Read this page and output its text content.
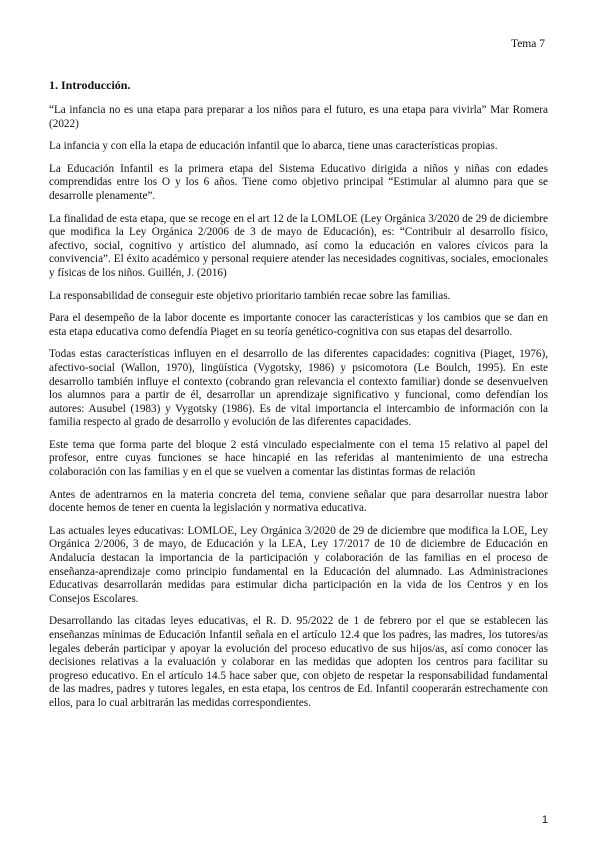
Tema 7
1. Introducción.

“La infancia no es una etapa para preparar a los niños para el futuro, es una etapa para vivirla” Mar Romera (2022)

La infancia y con ella la etapa de educación infantil que lo abarca, tiene unas características propias.

La Educación Infantil es la primera etapa del Sistema Educativo dirigida a niños y niñas con edades comprendidas entre los O y los 6 años. Tiene como objetivo principal “Estimular al alumno para que se desarrolle plenamente”.

La finalidad de esta etapa, que se recoge en el art 12 de la LOMLOE (Ley Orgánica 3/2020 de 29 de diciembre que modifica la Ley Orgánica 2/2006 de 3 de mayo de Educación), es: “Contribuir al desarrollo físico, afectivo, social, cognitivo y artístico del alumnado, así como la educación en valores cívicos para la convivencia”. El éxito académico y personal requiere atender las necesidades cognitivas, sociales, emocionales y físicas de los niños. Guillén, J. (2016)

La responsabilidad de conseguir este objetivo prioritario también recae sobre las familias.

Para el desempeño de la labor docente es importante conocer las características y los cambios que se dan en esta etapa educativa como defendía Piaget en su teoría genético-cognitiva con sus etapas del desarrollo.

Todas estas características influyen en el desarrollo de las diferentes capacidades: cognitiva (Piaget, 1976), afectivo-social (Wallon, 1970), lingüística (Vygotsky, 1986) y psicomotora (Le Boulch, 1995). En este desarrollo también influye el contexto (cobrando gran relevancia el contexto familiar) donde se desenvuelven los alumnos para a partir de él, desarrollar un aprendizaje significativo y funcional, como defendían los autores: Ausubel (1983) y Vygotsky (1986). Es de vital importancia el intercambio de información con la familia respecto al grado de desarrollo y evolución de las diferentes capacidades.

Este tema que forma parte del bloque 2 está vinculado especialmente con el tema 15 relativo al papel del profesor, entre cuyas funciones se hace hincapié en las referidas al mantenimiento de una estrecha colaboración con las familias y en el que se vuelven a comentar las distintas formas de relación

Antes de adentrarnos en la materia concreta del tema, conviene señalar que para desarrollar nuestra labor docente hemos de tener en cuenta la legislación y normativa educativa.

Las actuales leyes educativas: LOMLOE, Ley Orgánica 3/2020 de 29 de diciembre que modifica la LOE, Ley Orgánica 2/2006, 3 de mayo, de Educación y la LEA, Ley 17/2017 de 10 de diciembre de Educación en Andalucía destacan la importancia de la participación y colaboración de las familias en el proceso de enseñanza-aprendizaje como principio fundamental en la Educación del alumnado. Las Administraciones Educativas desarrollarán medidas para estimular dicha participación en la vida de los Centros y en los Consejos Escolares.

Desarrollando las citadas leyes educativas, el R. D. 95/2022 de 1 de febrero por el que se establecen las enseñanzas mínimas de Educación Infantil señala en el artículo 12.4 que los padres, las madres, los tutores/as legales deberán participar y apoyar la evolución del proceso educativo de sus hijos/as, así como conocer las decisiones relativas a la evaluación y colaborar en las medidas que adopten los centros para facilitar su progreso educativo. En el artículo 14.5 hace saber que, con objeto de respetar la responsabilidad fundamental de las madres, padres y tutores legales, en esta etapa, los centros de Ed. Infantil cooperarán estrechamente con ellos, para lo cual arbitrarán las medidas correspondientes.

1
